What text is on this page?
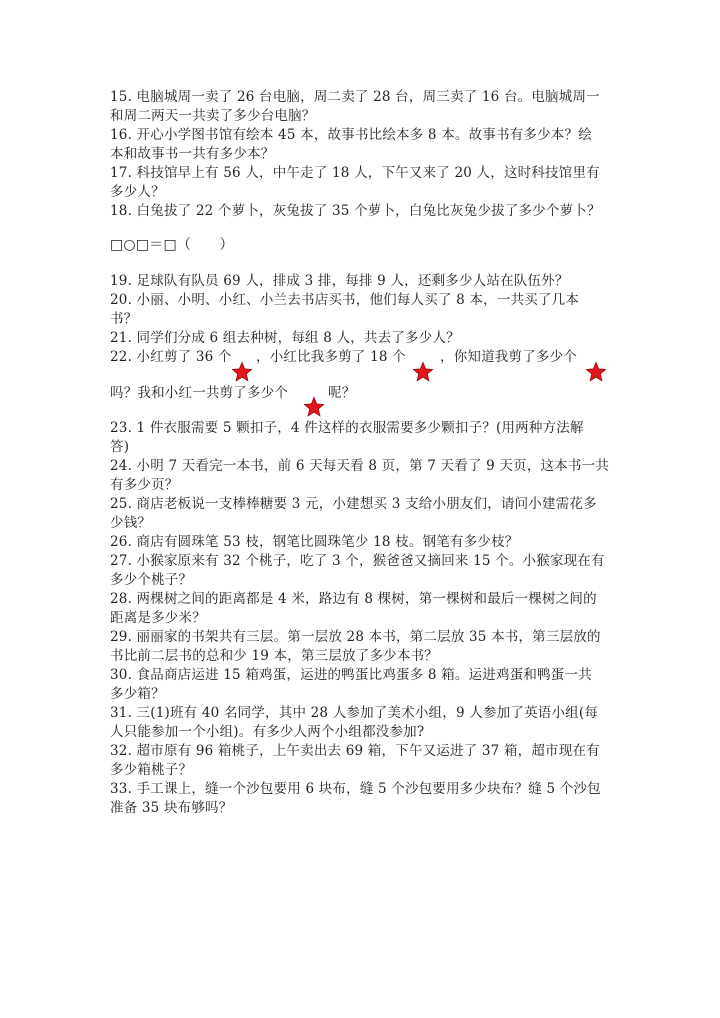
15. 电脑城周一卖了 26 台电脑，周二卖了 28 台，周三卖了 16 台。电脑城周一
和周二两天一共卖了多少台电脑？
16. 开心小学图书馆有绘本 45 本，故事书比绘本多 8 本。故事书有多少本？绘
本和故事书一共有多少本？
17. 科技馆早上有 56 人，中午走了 18 人，下午又来了 20 人，这时科技馆里有
多少人？
18. 白兔拔了 22 个萝卜，灰兔拔了 35 个萝卜，白兔比灰兔少拔了多少个萝卜？
□○□＝□（　　）
19. 足球队有队员 69 人，排成 3 排，每排 9 人，还剩多少人站在队伍外？
20. 小丽、小明、小红、小兰去书店买书，他们每人买了 8 本，一共买了几本
书？
21. 同学们分成 6 组去种树，每组 8 人，共去了多少人？
22. 小红剪了 36 个 ，小红比我多剪了 18 个	，你知道我剪了多少个
吗？我和小红一共剪了多少个	呢？
23. 1 件衣服需要 5 颗扣子，4 件这样的衣服需要多少颗扣子？(用两种方法解
答)
24. 小明 7 天看完一本书，前 6 天每天看 8 页，第 7 天看了 9 天页，这本书一共
有多少页？
25. 商店老板说一支棒棒糖要 3 元，小建想买 3 支给小朋友们，请问小建需花多
少钱？
26. 商店有圆珠笔 53 枝，钢笔比圆珠笔少 18 枝。钢笔有多少枝？
27. 小猴家原来有 32 个桃子，吃了 3 个，猴爸爸又摘回来 15 个。小猴家现在有
多少个桃子？
28. 两棵树之间的距离都是 4 米，路边有 8 棵树，第一棵树和最后一棵树之间的
距离是多少米？
29. 丽丽家的书架共有三层。第一层放 28 本书，第二层放 35 本书，第三层放的
书比前二层书的总和少 19 本，第三层放了多少本书？
30. 食品商店运进 15 箱鸡蛋，运进的鸭蛋比鸡蛋多 8 箱。运进鸡蛋和鸭蛋一共
多少箱？
31. 三(1)班有 40 名同学，其中 28 人参加了美术小组，9 人参加了英语小组(每
人只能参加一个小组)。有多少人两个小组都没参加?
32. 超市原有 96 箱桃子，上午卖出去 69 箱，下午又运进了 37 箱，超市现在有
多少箱桃子？
33. 手工课上，缝一个沙包要用 6 块布，缝 5 个沙包要用多少块布？缝 5 个沙包
准备 35 块布够吗？
